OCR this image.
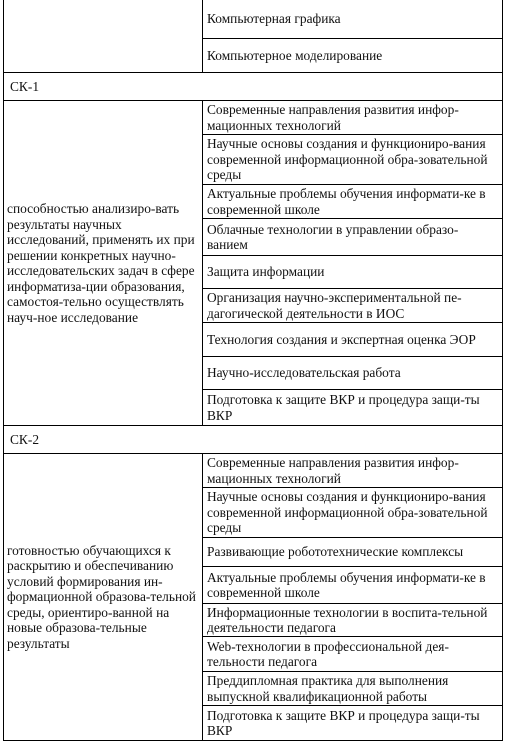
	Компьютерная графика
	Компьютерное моделирование
СК-1	
способностью анализиро-вать результаты научных исследований, применять их при решении конкретных научно-исследовательских задач в сфере информатиза-ции образования, самостоя-тельно осуществлять науч-ное исследование	Современные направления развития инфор-мационных технологий
	Научные основы создания и функциониро-вания современной информационной обра-зовательной среды
	Актуальные проблемы обучения информати-ке в современной школе
	Облачные технологии в управлении образо-ванием
	Защита информации
	Организация научно-экспериментальной пе-дагогической деятельности в ИОС
	Технология создания и экспертная оценка ЭОР
	Научно-исследовательская работа
	Подготовка к защите ВКР и процедура защи-ты ВКР
СК-2	
готовностью обучающихся к раскрытию и обеспечиванию условий формирования ин-формационной образова-тельной среды, ориентиро-ванной на новые образова-тельные результаты	Современные направления развития инфор-мационных технологий
	Научные основы создания и функциониро-вания современной информационной обра-зовательной среды
	Развивающие робототехнические комплексы
	Актуальные проблемы обучения информати-ке в современной школе
	Информационные технологии в воспита-тельной деятельности педагога
	Web-технологии в профессиональной дея-тельности педагога
	Преддипломная практика для выполнения выпускной квалификационной работы
	Подготовка к защите ВКР и процедура защи-ты ВКР
